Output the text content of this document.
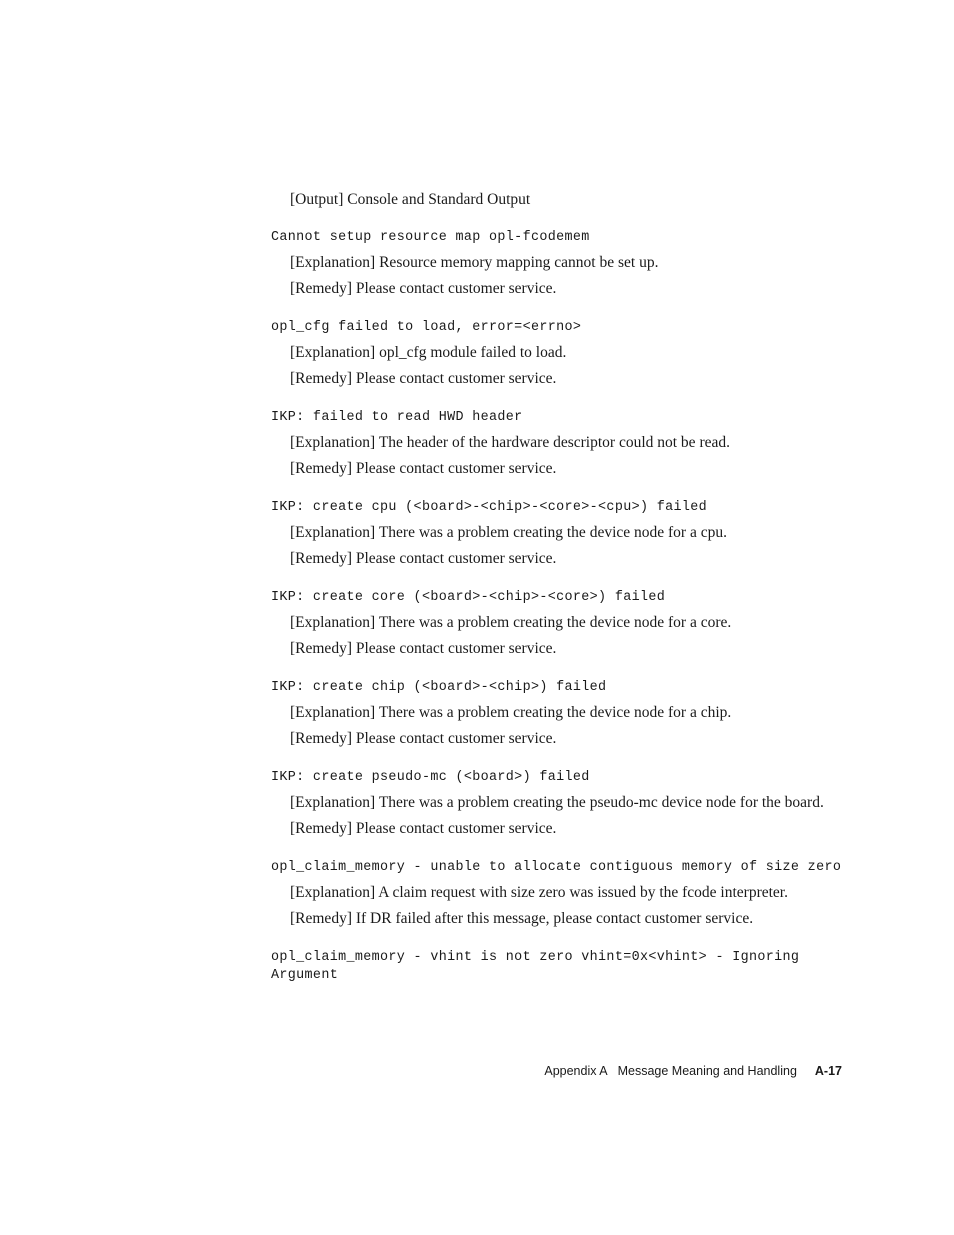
[Output] Console and Standard Output

Cannot setup resource map opl-fcodemem

[Explanation] Resource memory mapping cannot be set up.

[Remedy] Please contact customer service.

opl_cfg failed to load, error=<errno>

[Explanation] opl_cfg module failed to load.

[Remedy] Please contact customer service.

IKP: failed to read HWD header

[Explanation] The header of the hardware descriptor could not be read.

[Remedy] Please contact customer service.

IKP: create cpu (<board>-<chip>-<core>-<cpu>) failed

[Explanation] There was a problem creating the device node for a cpu.

[Remedy] Please contact customer service.

IKP: create core (<board>-<chip>-<core>) failed

[Explanation] There was a problem creating the device node for a core.

[Remedy] Please contact customer service.

IKP: create chip (<board>-<chip>) failed

[Explanation] There was a problem creating the device node for a chip.

[Remedy] Please contact customer service.

IKP: create pseudo-mc (<board>) failed

[Explanation] There was a problem creating the pseudo-mc device node for the board.

[Remedy] Please contact customer service.

opl_claim_memory - unable to allocate contiguous memory of size zero

[Explanation] A claim request with size zero was issued by the fcode interpreter.

[Remedy] If DR failed after this message, please contact customer service.

opl_claim_memory - vhint is not zero vhint=0x<vhint> - Ignoring Argument
Appendix A Message Meaning and Handling A-17
